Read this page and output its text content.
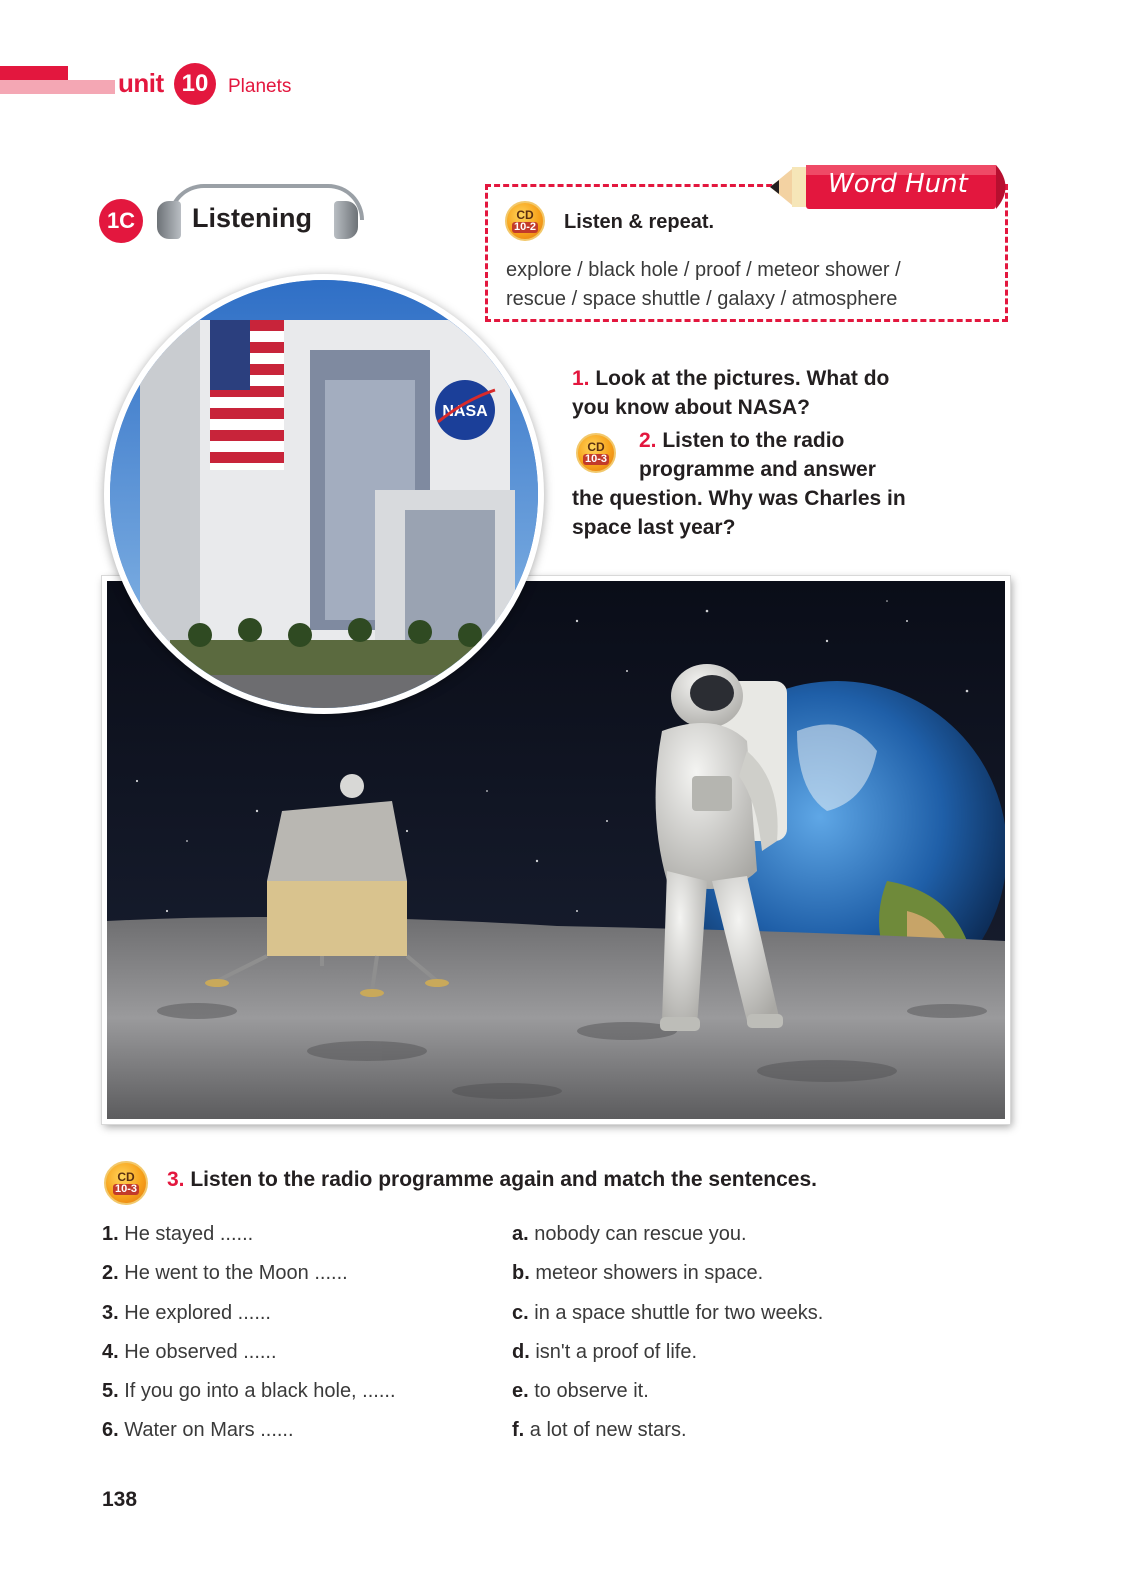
unit 10	Planets
1C Listening
Word Hunt
CD
10-2 Listen & repeat.
explore / black hole / proof / meteor shower /
rescue / space shuttle / galaxy / atmosphere
1. Look at the pictures. What do you know about NASA?
CD
10-3
2. Listen to the radio programme and answer
the question. Why was Charles in space last year?
NASA
CD
10-3 3. Listen to the radio programme again and match the sentences.
1. He stayed ......
2. He went to the Moon ......
3. He explored ......
4. He observed ......
5. If you go into a black hole, ......
6. Water on Mars ......
a. nobody can rescue you.
b. meteor showers in space.
c. in a space shuttle for two weeks.
d. isn't a proof of life.
e. to observe it.
f. a lot of new stars.
138
